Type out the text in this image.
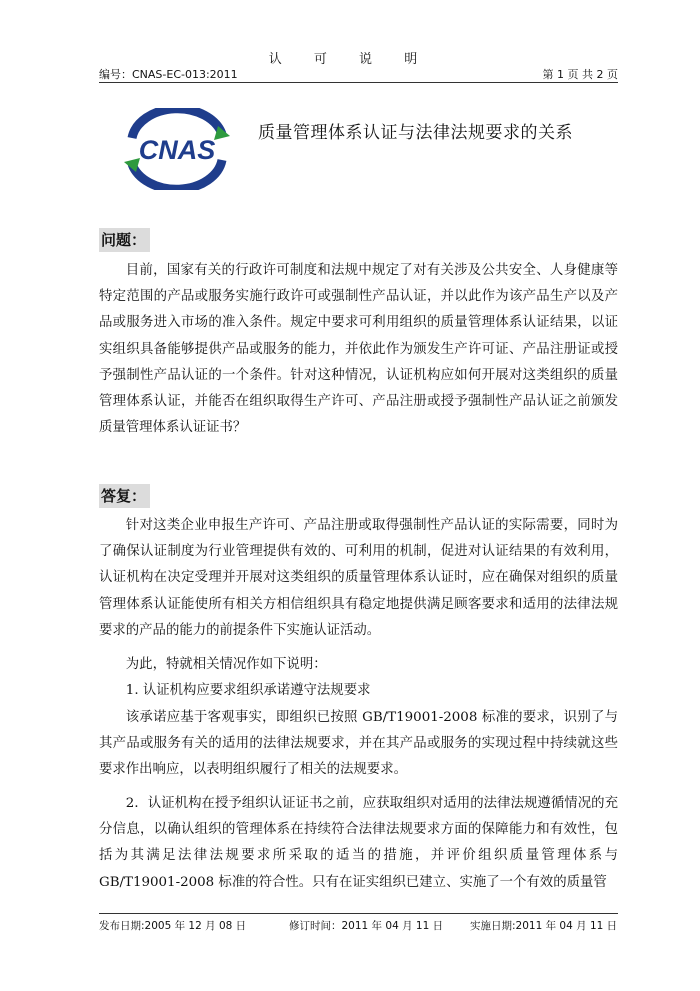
认 可 说 明
编号：CNAS-EC-013:2011	第 1 页 共 2 页
CNAS
质量管理体系认证与法律法规要求的关系
问题：

目前，国家有关的行政许可制度和法规中规定了对有关涉及公共安全、人身健康等特定范围的产品或服务实施行政许可或强制性产品认证，并以此作为该产品生产以及产品或服务进入市场的准入条件。规定中要求可利用组织的质量管理体系认证结果，以证实组织具备能够提供产品或服务的能力，并依此作为颁发生产许可证、产品注册证或授予强制性产品认证的一个条件。针对这种情况，认证机构应如何开展对这类组织的质量管理体系认证，并能否在组织取得生产许可、产品注册或授予强制性产品认证之前颁发质量管理体系认证证书？

答复：

针对这类企业申报生产许可、产品注册或取得强制性产品认证的实际需要，同时为了确保认证制度为行业管理提供有效的、可利用的机制，促进对认证结果的有效利用，认证机构在决定受理并开展对这类组织的质量管理体系认证时，应在确保对组织的质量管理体系认证能使所有相关方相信组织具有稳定地提供满足顾客要求和适用的法律法规要求的产品的能力的前提条件下实施认证活动。

为此，特就相关情况作如下说明：

1. 认证机构应要求组织承诺遵守法规要求

该承诺应基于客观事实，即组织已按照 GB/T19001-2008 标准的要求，识别了与其产品或服务有关的适用的法律法规要求，并在其产品或服务的实现过程中持续就这些要求作出响应，以表明组织履行了相关的法规要求。

2．认证机构在授予组织认证证书之前，应获取组织对适用的法律法规遵循情况的充分信息，以确认组织的管理体系在持续符合法律法规要求方面的保障能力和有效性，包括为其满足法律法规要求所采取的适当的措施，并评价组织质量管理体系与 GB/T19001-2008 标准的符合性。只有在证实组织已建立、实施了一个有效的质量管

发布日期:2005 年 12 月 08 日	修订时间：2011 年 04 月 11 日	实施日期:2011 年 04 月 11 日
